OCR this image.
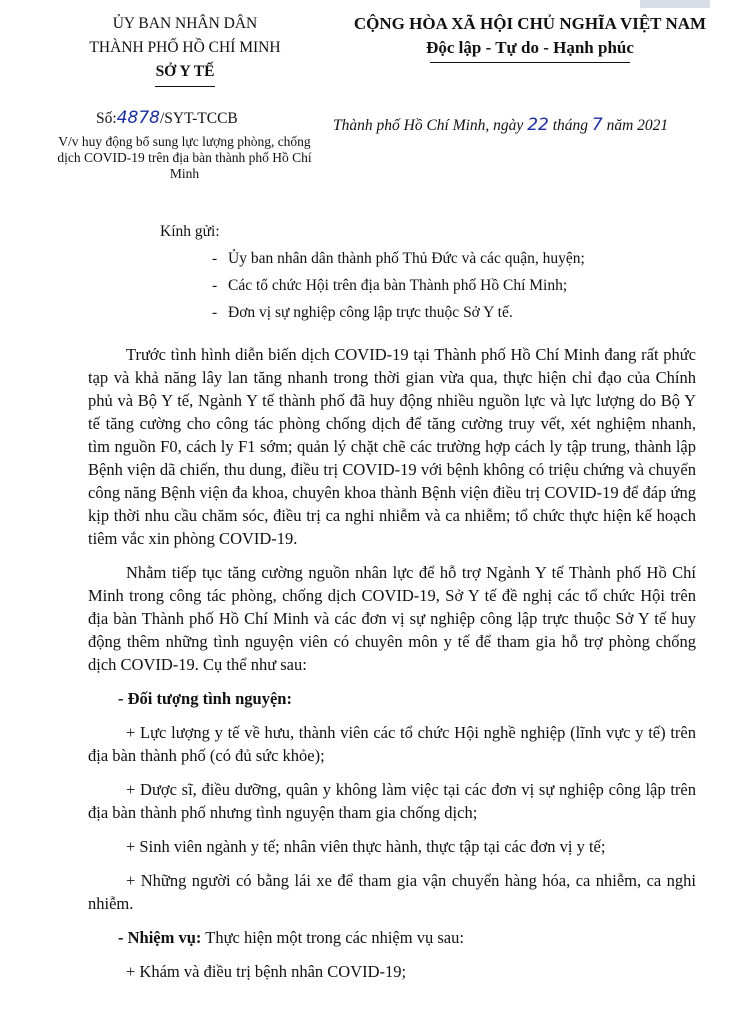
ỦY BAN NHÂN DÂN
THÀNH PHỐ HỒ CHÍ MINH
SỞ Y TẾ
CỘNG HÒA XÃ HỘI CHỦ NGHĨA VIỆT NAM
Độc lập - Tự do - Hạnh phúc
Số:4878/SYT-TCCB
V/v huy động bổ sung lực lượng phòng, chống dịch COVID-19 trên địa bàn thành phố Hồ Chí Minh
Thành phố Hồ Chí Minh, ngày 22 tháng 7 năm 2021
Kính gửi:
- Ủy ban nhân dân thành phố Thủ Đức và các quận, huyện;
- Các tổ chức Hội trên địa bàn Thành phố Hồ Chí Minh;
- Đơn vị sự nghiệp công lập trực thuộc Sở Y tế.

Trước tình hình diễn biến dịch COVID-19 tại Thành phố Hồ Chí Minh đang rất phức tạp và khả năng lây lan tăng nhanh trong thời gian vừa qua, thực hiện chỉ đạo của Chính phủ và Bộ Y tế, Ngành Y tế thành phố đã huy động nhiều nguồn lực và lực lượng do Bộ Y tế tăng cường cho công tác phòng chống dịch để tăng cường truy vết, xét nghiệm nhanh, tìm nguồn F0, cách ly F1 sớm; quản lý chặt chẽ các trường hợp cách ly tập trung, thành lập Bệnh viện dã chiến, thu dung, điều trị COVID-19 với bệnh không có triệu chứng và chuyển công năng Bệnh viện đa khoa, chuyên khoa thành Bệnh viện điều trị COVID-19 để đáp ứng kịp thời nhu cầu chăm sóc, điều trị ca nghi nhiễm và ca nhiễm; tổ chức thực hiện kế hoạch tiêm vắc xin phòng COVID-19.

Nhằm tiếp tục tăng cường nguồn nhân lực để hỗ trợ Ngành Y tế Thành phố Hồ Chí Minh trong công tác phòng, chống dịch COVID-19, Sở Y tế đề nghị các tổ chức Hội trên địa bàn Thành phố Hồ Chí Minh và các đơn vị sự nghiệp công lập trực thuộc Sở Y tế huy động thêm những tình nguyện viên có chuyên môn y tế để tham gia hỗ trợ phòng chống dịch COVID-19. Cụ thể như sau:

- Đối tượng tình nguyện:

+ Lực lượng y tế về hưu, thành viên các tổ chức Hội nghề nghiệp (lĩnh vực y tế) trên địa bàn thành phố (có đủ sức khỏe);

+ Dược sĩ, điều dưỡng, quân y không làm việc tại các đơn vị sự nghiệp công lập trên địa bàn thành phố nhưng tình nguyện tham gia chống dịch;

+ Sinh viên ngành y tế; nhân viên thực hành, thực tập tại các đơn vị y tế;

+ Những người có bằng lái xe để tham gia vận chuyển hàng hóa, ca nhiễm, ca nghi nhiễm.

- Nhiệm vụ: Thực hiện một trong các nhiệm vụ sau:

+ Khám và điều trị bệnh nhân COVID-19;
